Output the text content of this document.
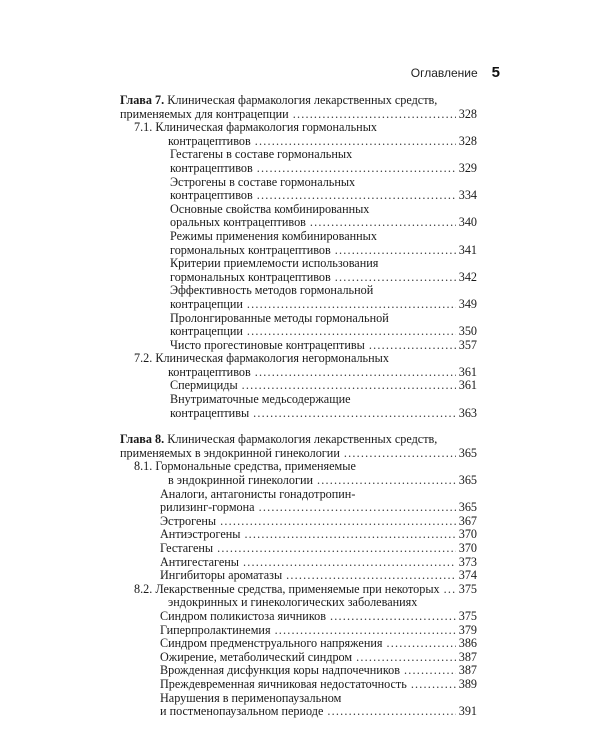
Оглавление 5
Глава 7. Клиническая фармакология лекарственных средств,
применяемых для контрацепции .....	328
7.1. Клиническая фармакология гормональных
контрацептивов .....	328
Гестагены в составе гормональных
контрацептивов .....	329
Эстрогены в составе гормональных
контрацептивов .....	334
Основные свойства комбинированных
оральных контрацептивов .....	340
Режимы применения комбинированных
гормональных контрацептивов .....	341
Критерии приемлемости использования
гормональных контрацептивов .....	342
Эффективность методов гормональной
контрацепции .....	349
Пролонгированные методы гормональной
контрацепции .....	350
Чисто прогестиновые контрацептивы .....	357
7.2. Клиническая фармакология негормональных
контрацептивов .....	361
Спермициды .....	361
Внутриматочные медьсодержащие
контрацептивы .....	363
Глава 8. Клиническая фармакология лекарственных средств,
применяемых в эндокринной гинекологии .....	365
8.1. Гормональные средства, применяемые
в эндокринной гинекологии .....	365
Аналоги, антагонисты гонадотропин-
рилизинг-гормона .....	365
Эстрогены .....	367
Антиэстрогены .....	370
Гестагены .....	370
Антигестагены .....	373
Ингибиторы ароматазы .....	374
8.2. Лекарственные средства, применяемые при некоторых ..... 375
эндокринных и гинекологических заболеваниях
Синдром поликистоза яичников .....	375
Гиперпролактинемия .....	379
Синдром предменструального напряжения .....	386
Ожирение, метаболический синдром .....	387
Врожденная дисфункция коры надпочечников .....	387
Преждевременная яичниковая недостаточность .....	389
Нарушения в перименопаузальном
и постменопаузальном периоде .....	391
